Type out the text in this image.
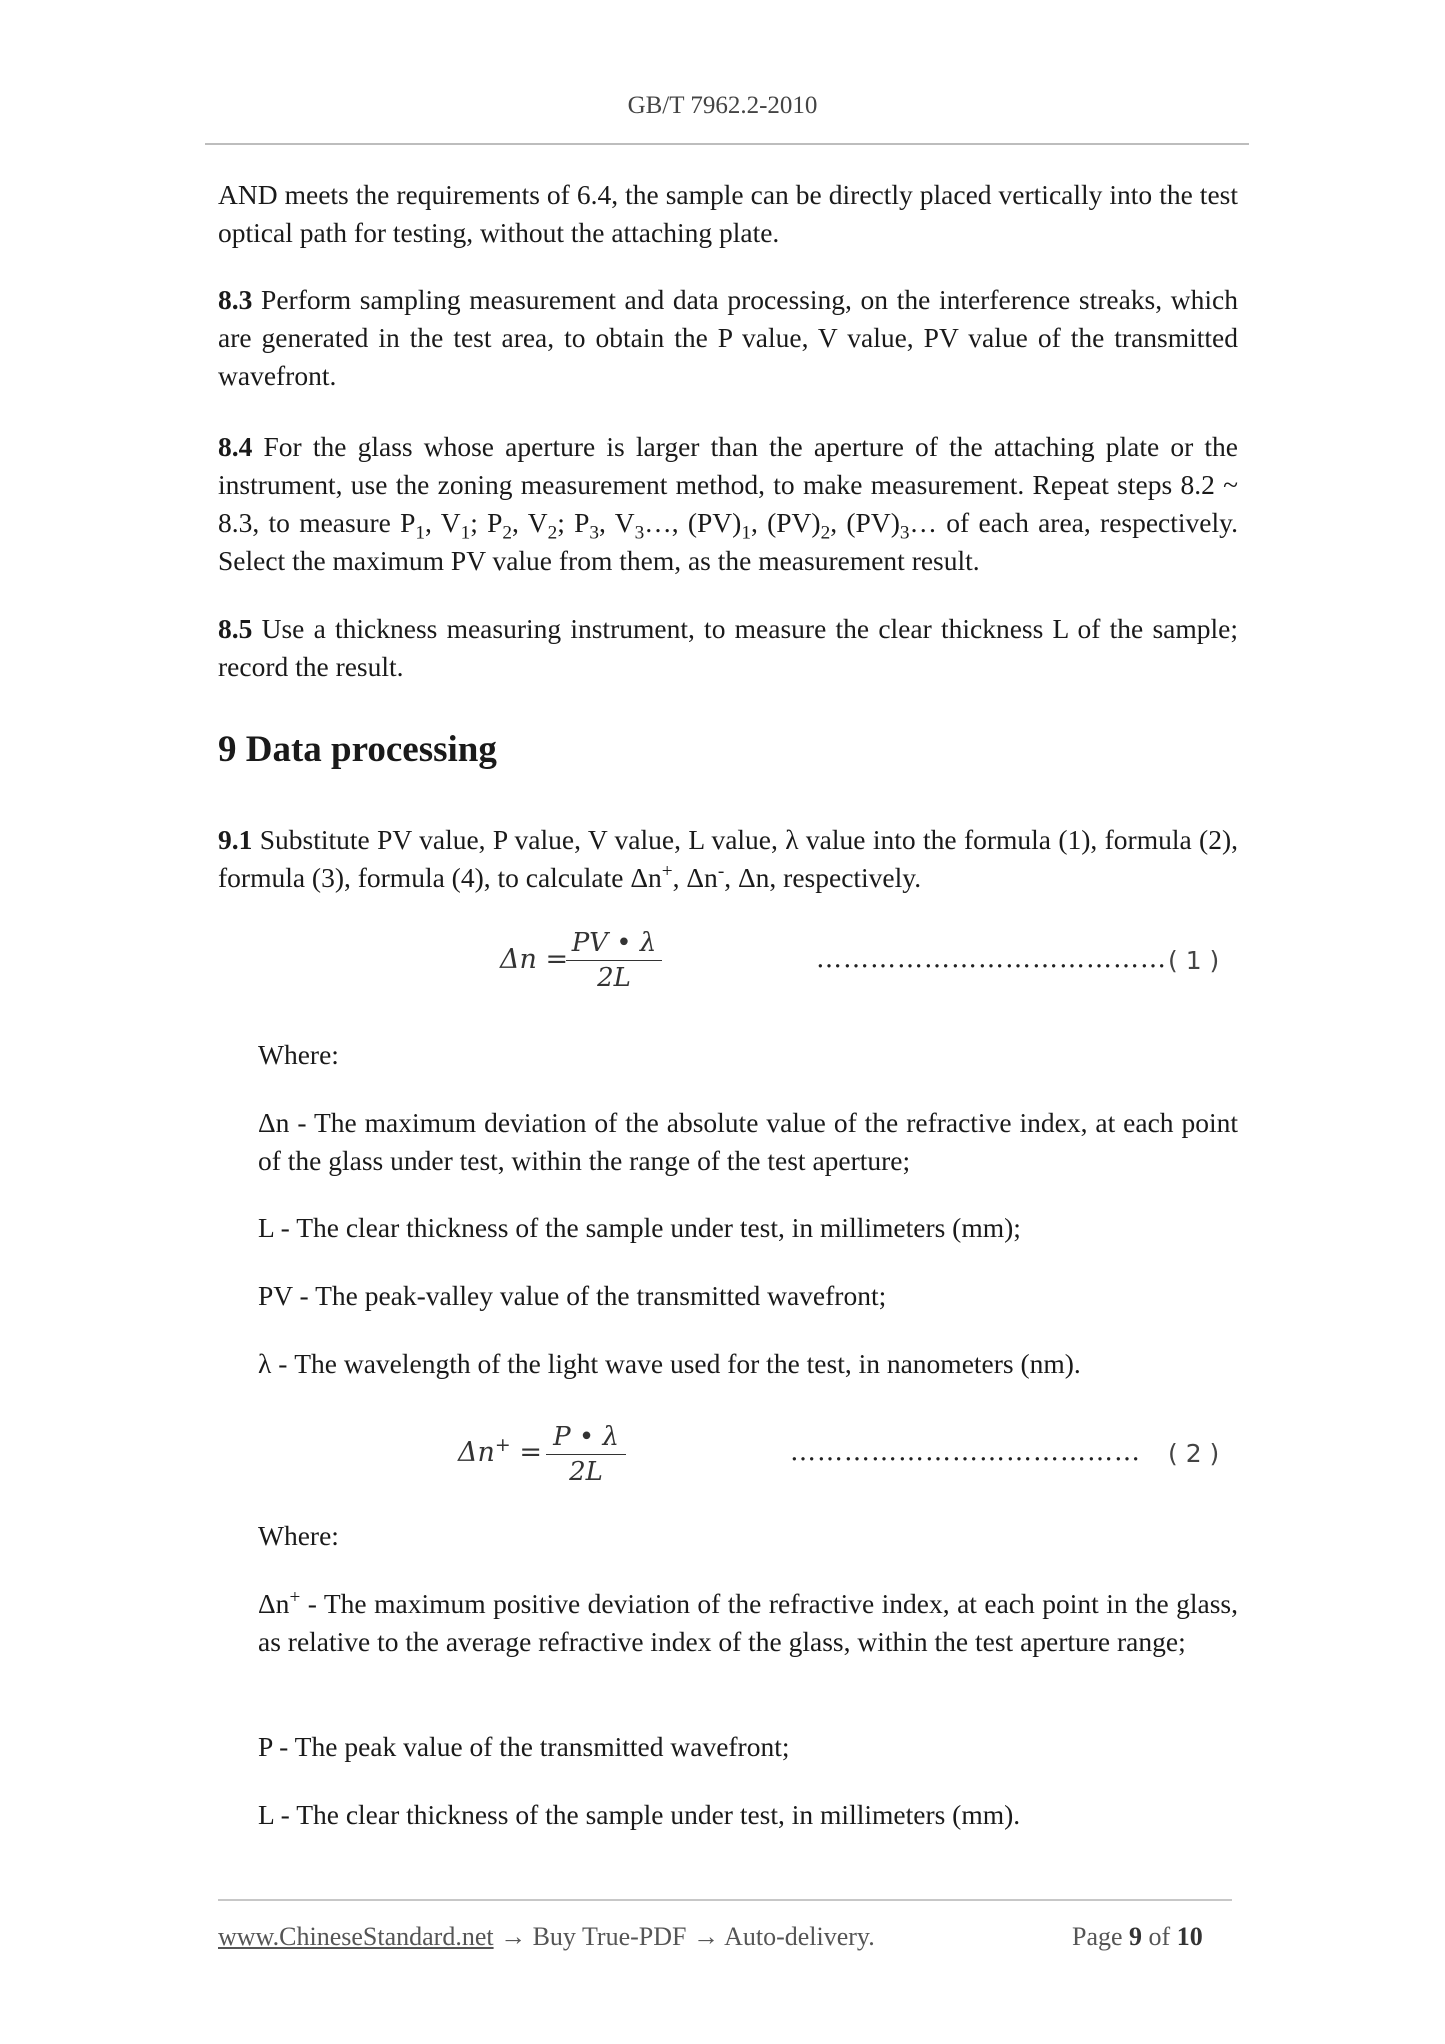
GB/T 7962.2-2010

AND meets the requirements of 6.4, the sample can be directly placed vertically into the test optical path for testing, without the attaching plate.

8.3 Perform sampling measurement and data processing, on the interference streaks, which are generated in the test area, to obtain the P value, V value, PV value of the transmitted wavefront.

8.4 For the glass whose aperture is larger than the aperture of the attaching plate or the instrument, use the zoning measurement method, to make measurement. Repeat steps 8.2 ~ 8.3, to measure $P_1$, $V_1$; $P_2$, $V_2$; $P_3$, $V_3\dots$, $(PV)_1$, $(PV)_2$, $(PV)_3\dots$ of each area, respectively. Select the maximum PV value from them, as the measurement result.

8.5 Use a thickness measuring instrument, to measure the clear thickness L of the sample; record the result.

9 Data processing

9.1 Substitute PV value, P value, V value, L value, λ value into the formula (1), formula (2), formula (3), formula (4), to calculate Δn+, Δn-, Δn, respectively.

Δn =
$\frac{PV • \lambda}{2L}$	………………………………… ( 1 )

Where:

Δn - The maximum deviation of the absolute value of the refractive index, at each point of the glass under test, within the range of the test aperture;

L - The clear thickness of the sample under test, in millimeters (mm);

PV - The peak-valley value of the transmitted wavefront;

λ - The wavelength of the light wave used for the test, in nanometers (nm).

$\Delta n^+ = \frac{P • \lambda}{2L}$	………………………………… ( 2 )

Where:

Δn+ - The maximum positive deviation of the refractive index, at each point in the glass, as relative to the average refractive index of the glass, within the test aperture range;

P - The peak value of the transmitted wavefront;

L - The clear thickness of the sample under test, in millimeters (mm).

www.ChineseStandard.net → Buy True-PDF → Auto-delivery.	Page 9 of 10
